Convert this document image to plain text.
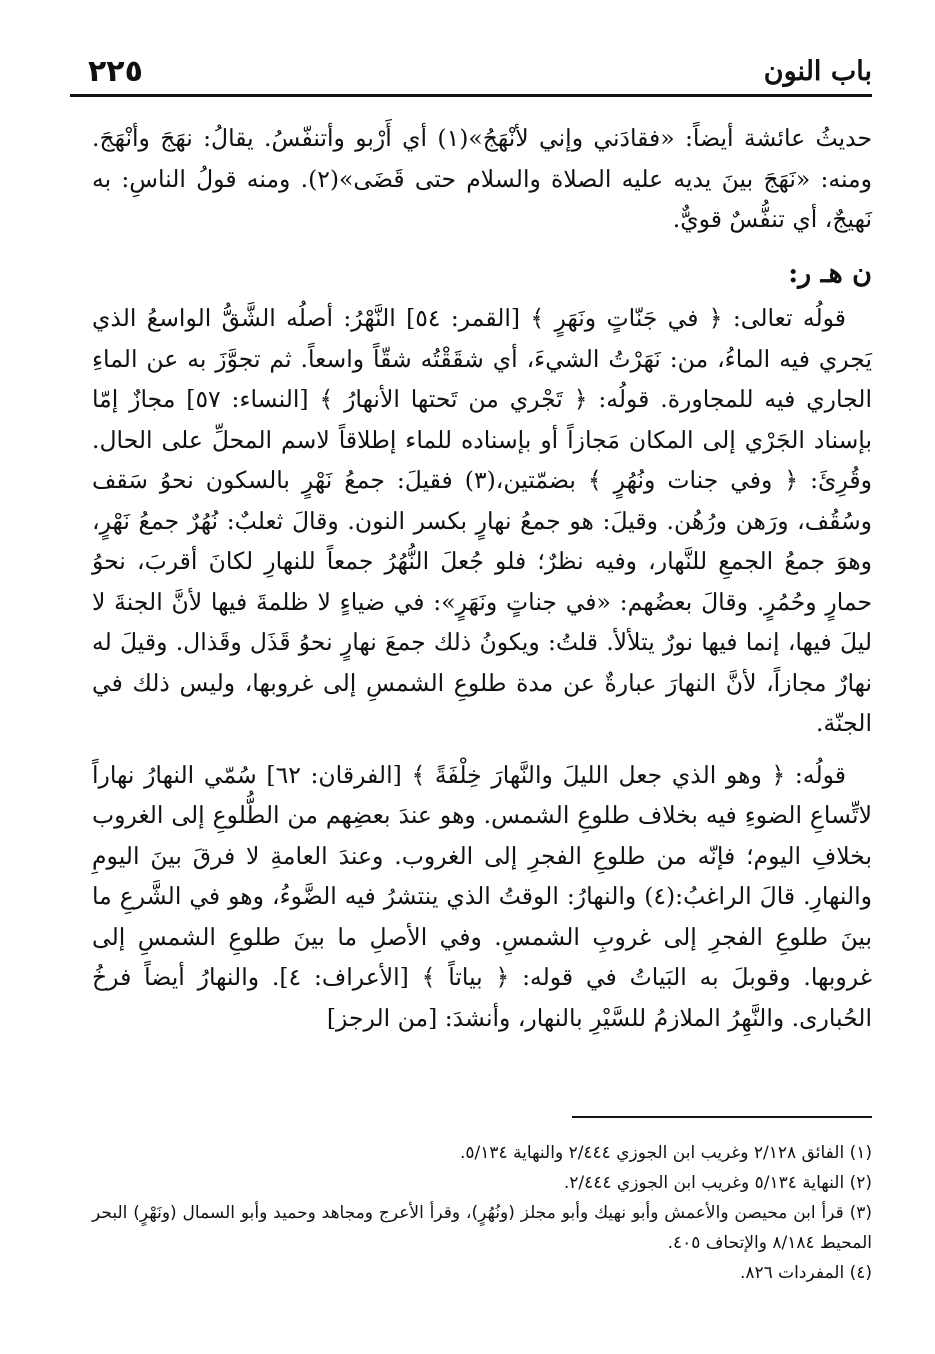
٢٢٥	باب النون

حديثُ عائشة أيضاً: «فقادَني وإني لأنْهَجُ»(١) أي أَرْبو وأتنفّسُ. يقالُ: نهَجَ وأنْهَجَ. ومنه: «نَهَجَ بينَ يديه عليه الصلاة والسلام حتى قَضَى»(٢). ومنه قولُ الناسِ: به نَهيجٌ، أي تنفُّسٌ قويٌّ.

ن هـ ر:

قولُه تعالى: ﴿ في جَنّاتٍ ونَهَرٍ ﴾ [القمر: ٥٤] النَّهْرُ: أصلُه الشَّقُّ الواسعُ الذي يَجري فيه الماءُ، من: نَهَرْتُ الشيءَ، أي شقَقْتُه شقّاً واسعاً. ثم تجوَّزَ به عن الماءِ الجاري فيه للمجاورة. قولُه: ﴿ تَجْري من تَحتها الأنهارُ ﴾ [النساء: ٥٧] مجازٌ إمّا بإسناد الجَرْي إلى المكان مَجازاً أو بإسناده للماء إطلاقاً لاسم المحلِّ على الحال. وقُرِئَ: ﴿ وفي جنات ونُهُرٍ ﴾ بضمّتين،(٣) فقيلَ: جمعُ نَهْرٍ بالسكون نحوُ سَقف وسُقُف، ورَهن ورُهُن. وقيلَ: هو جمعُ نهارٍ بكسر النون. وقالَ ثعلبٌ: نُهُرٌ جمعُ نَهْرٍ، وهوَ جمعُ الجمعِ للنَّهار، وفيه نظرٌ؛ فلو جُعلَ النُّهُرُ جمعاً للنهارِ لكانَ أقربَ، نحوُ حمارٍ وحُمُرٍ. وقالَ بعضُهم: «في جناتٍ ونَهَرٍ»: في ضياءٍ لا ظلمةَ فيها لأنَّ الجنةَ لا ليلَ فيها، إنما فيها نورٌ يتلألأ. قلتُ: ويكونُ ذلك جمعَ نهارٍ نحوُ قَذَل وقَذال. وقيلَ له نهارٌ مجازاً، لأنَّ النهارَ عبارةٌ عن مدة طلوعِ الشمسِ إلى غروبها، وليس ذلك في الجنّة.

قولُه: ﴿ وهو الذي جعل الليلَ والنَّهارَ خِلْفَةً ﴾ [الفرقان: ٦٢] سُمّي النهارُ نهاراً لاتِّساعِ الضوءِ فيه بخلاف طلوعِ الشمس. وهو عندَ بعضِهم من الطُّلوعِ إلى الغروب بخلافِ اليوم؛ فإنّه من طلوعِ الفجرِ إلى الغروب. وعندَ العامةِ لا فرقَ بينَ اليومِ والنهارِ. قالَ الراغبُ:(٤) والنهارُ: الوقتُ الذي ينتشرُ فيه الضَّوءُ، وهو في الشَّرعِ ما بينَ طلوعِ الفجرِ إلى غروبِ الشمسِ. وفي الأصلِ ما بينَ طلوعِ الشمسِ إلى غروبها. وقوبلَ به البَياتُ في قوله: ﴿ بياتاً ﴾ [الأعراف: ٤]. والنهارُ أيضاً فرخُ الحُبارى. والنَّهِرُ الملازمُ للسَّيْرِ بالنهار، وأنشدَ: [من الرجز]

(١) الفائق ٢/١٢٨ وغريب ابن الجوزي ٢/٤٤٤ والنهاية ٥/١٣٤.

(٢) النهاية ٥/١٣٤ وغريب ابن الجوزي ٢/٤٤٤.

(٣) قرأ ابن محيصن والأعمش وأبو نهيك وأبو مجلز (ونُهُرٍ)، وقرأ الأعرج ومجاهد وحميد وأبو السمال (ونَهْرٍ) البحر المحيط ٨/١٨٤ والإتحاف ٤٠٥.

(٤) المفردات ٨٢٦.
